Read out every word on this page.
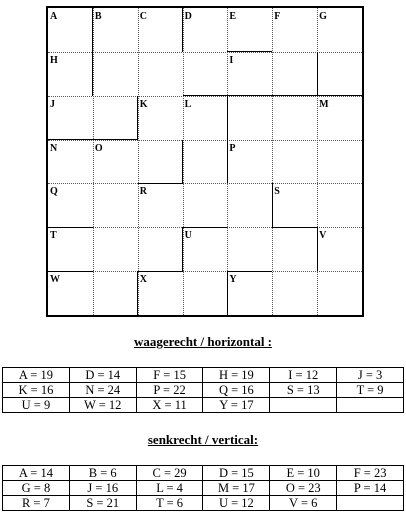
A	B	C	D	E	F	G
H	I
J	K	L	M
N	O	P
Q	R	S
T	U	V
W	X	Y
waagerecht / horizontal :
A = 19	D = 14	F = 15	H = 19	I = 12	J = 3
K = 16	N = 24	P = 22	Q = 16	S = 13	T = 9
U = 9	W = 12	X = 11	Y = 17		
senkrecht / vertical:
A = 14	B = 6	C = 29	D = 15	E = 10	F = 23
G = 8	J = 16	L = 4	M = 17	O = 23	P = 14
R = 7	S = 21	T = 6	U = 12	V = 6	
